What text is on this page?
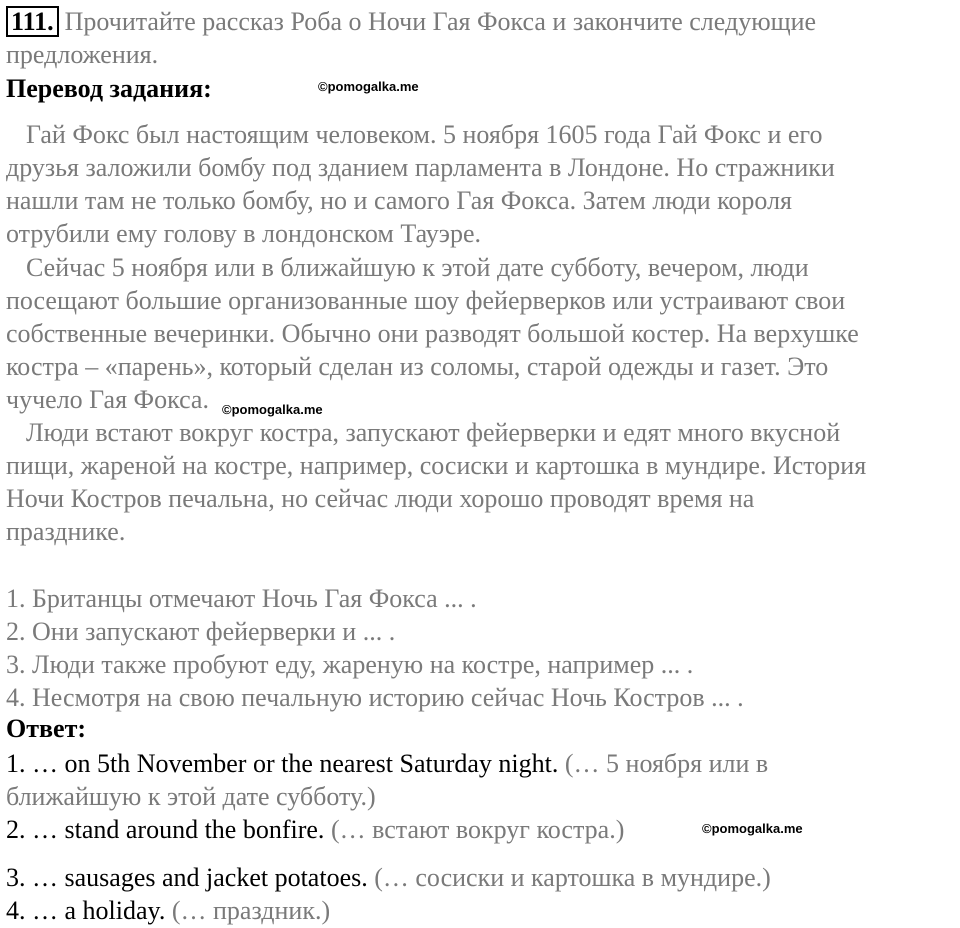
111. Прочитайте рассказ Роба о Ночи Гая Фокса и закончите следующие
предложения.
Перевод задания:	©pomogalka.me
Гай Фокс был настоящим человеком. 5 ноября 1605 года Гай Фокс и его
друзья заложили бомбу под зданием парламента в Лондоне. Но стражники
нашли там не только бомбу, но и самого Гая Фокса. Затем люди короля
отрубили ему голову в лондонском Тауэре.
Сейчас 5 ноября или в ближайшую к этой дате субботу, вечером, люди
посещают большие организованные шоу фейерверков или устраивают свои
собственные вечеринки. Обычно они разводят большой костер. На верхушке
костра – «парень», который сделан из соломы, старой одежды и газет. Это
чучело Гая Фокса. ©pomogalka.me
Люди встают вокруг костра, запускают фейерверки и едят много вкусной
пищи, жареной на костре, например, сосиски и картошка в мундире. История
Ночи Костров печальна, но сейчас люди хорошо проводят время на
празднике.
1. Британцы отмечают Ночь Гая Фокса ... .
2. Они запускают фейерверки и ... .
3. Люди также пробуют еду, жареную на костре, например ... .
4. Несмотря на свою печальную историю сейчас Ночь Костров ... .
Ответ:
1. … on 5th November or the nearest Saturday night. (… 5 ноября или в
ближайшую к этой дате субботу.)
2. … stand around the bonfire. (… встают вокруг костра.)	©pomogalka.me
3. … sausages and jacket potatoes. (… сосиски и картошка в мундире.)
4. … a holiday. (… праздник.)
